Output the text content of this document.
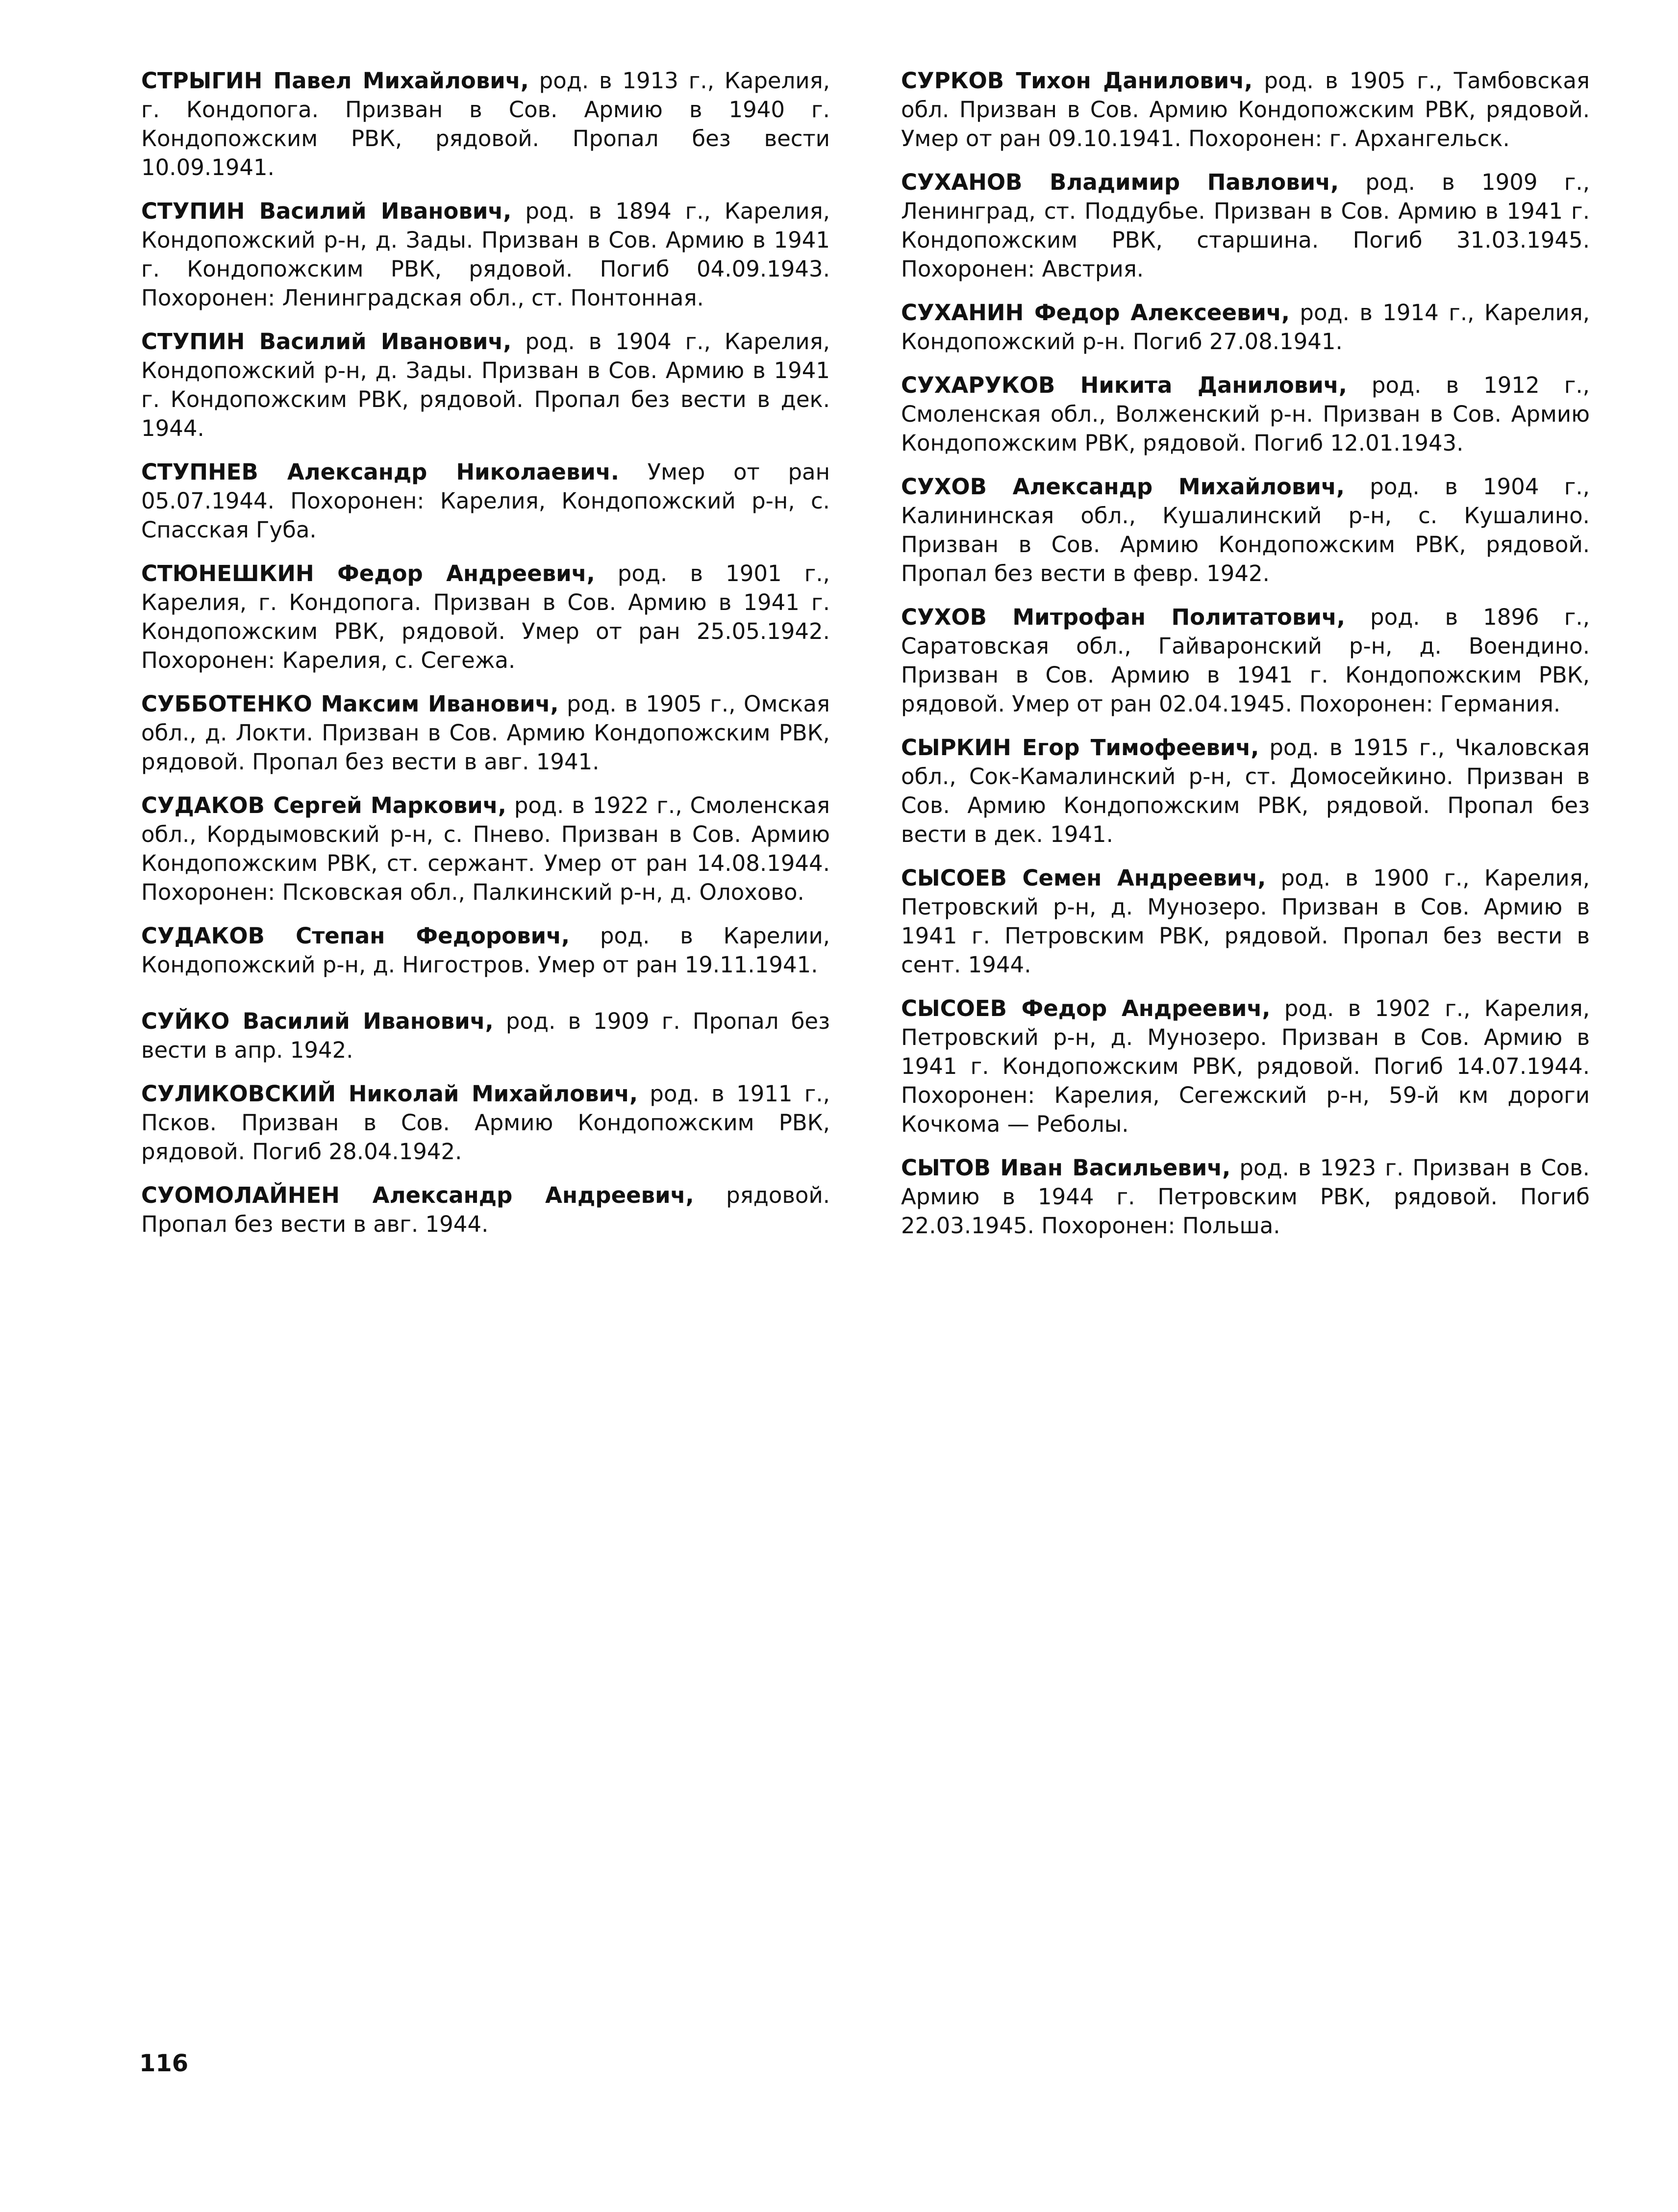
СТРЫГИН Павел Михайлович, род. в 1913 г., Карелия, г. Кондопога. Призван в Сов. Армию в 1940 г. Кондопожским РВК, рядовой. Пропал без вести 10.09.1941.

СТУПИН Василий Иванович, род. в 1894 г., Карелия, Кондопожский р-н, д. Зады. Призван в Сов. Армию в 1941 г. Кондопожским РВК, рядовой. Погиб 04.09.1943. Похоронен: Ленинградская обл., ст. Понтонная.

СТУПИН Василий Иванович, род. в 1904 г., Карелия, Кондопожский р-н, д. Зады. Призван в Сов. Армию в 1941 г. Кондопожским РВК, рядовой. Пропал без вести в дек. 1944.

СТУПНЕВ Александр Николаевич. Умер от ран 05.07.1944. Похоронен: Карелия, Кондопожский р-н, с. Спасская Губа.

СТЮНЕШКИН Федор Андреевич, род. в 1901 г., Карелия, г. Кондопога. Призван в Сов. Армию в 1941 г. Кондопожским РВК, рядовой. Умер от ран 25.05.1942. Похоронен: Карелия, с. Сегежа.

СУББОТЕНКО Максим Иванович, род. в 1905 г., Омская обл., д. Локти. Призван в Сов. Армию Кондопожским РВК, рядовой. Пропал без вести в авг. 1941.

СУДАКОВ Сергей Маркович, род. в 1922 г., Смоленская обл., Кордымовский р-н, с. Пнево. Призван в Сов. Армию Кондопожским РВК, ст. сержант. Умер от ран 14.08.1944. Похоронен: Псковская обл., Палкинский р-н, д. Олохово.

СУДАКОВ Степан Федорович, род. в Карелии, Кондопожский р-н, д. Нигостров. Умер от ран 19.11.1941.

СУЙКО Василий Иванович, род. в 1909 г. Пропал без вести в апр. 1942.

СУЛИКОВСКИЙ Николай Михайлович, род. в 1911 г., Псков. Призван в Сов. Армию Кондопожским РВК, рядовой. Погиб 28.04.1942.

СУОМОЛАЙНЕН Александр Андреевич, рядовой. Пропал без вести в авг. 1944.

СУРКОВ Тихон Данилович, род. в 1905 г., Тамбовская обл. Призван в Сов. Армию Кондопожским РВК, рядовой. Умер от ран 09.10.1941. Похоронен: г. Архангельск.

СУХАНОВ Владимир Павлович, род. в 1909 г., Ленинград, ст. Поддубье. Призван в Сов. Армию в 1941 г. Кондопожским РВК, старшина. Погиб 31.03.1945. Похоронен: Австрия.

СУХАНИН Федор Алексеевич, род. в 1914 г., Карелия, Кондопожский р-н. Погиб 27.08.1941.

СУХАРУКОВ Никита Данилович, род. в 1912 г., Смоленская обл., Волженский р-н. Призван в Сов. Армию Кондопожским РВК, рядовой. Погиб 12.01.1943.

СУХОВ Александр Михайлович, род. в 1904 г., Калининская обл., Кушалинский р-н, с. Кушалино. Призван в Сов. Армию Кондопожским РВК, рядовой. Пропал без вести в февр. 1942.

СУХОВ Митрофан Политатович, род. в 1896 г., Саратовская обл., Гайваронский р-н, д. Воендино. Призван в Сов. Армию в 1941 г. Кондопожским РВК, рядовой. Умер от ран 02.04.1945. Похоронен: Германия.

СЫРКИН Егор Тимофеевич, род. в 1915 г., Чкаловская обл., Сок-Камалинский р-н, ст. Домосейкино. Призван в Сов. Армию Кондопожским РВК, рядовой. Пропал без вести в дек. 1941.

СЫСОЕВ Семен Андреевич, род. в 1900 г., Карелия, Петровский р-н, д. Мунозеро. Призван в Сов. Армию в 1941 г. Петровским РВК, рядовой. Пропал без вести в сент. 1944.

СЫСОЕВ Федор Андреевич, род. в 1902 г., Карелия, Петровский р-н, д. Мунозеро. Призван в Сов. Армию в 1941 г. Кондопожским РВК, рядовой. Погиб 14.07.1944. Похоронен: Карелия, Сегежский р-н, 59-й км дороги Кочкома — Реболы.

СЫТОВ Иван Васильевич, род. в 1923 г. Призван в Сов. Армию в 1944 г. Петровским РВК, рядовой. Погиб 22.03.1945. Похоронен: Польша.

116
